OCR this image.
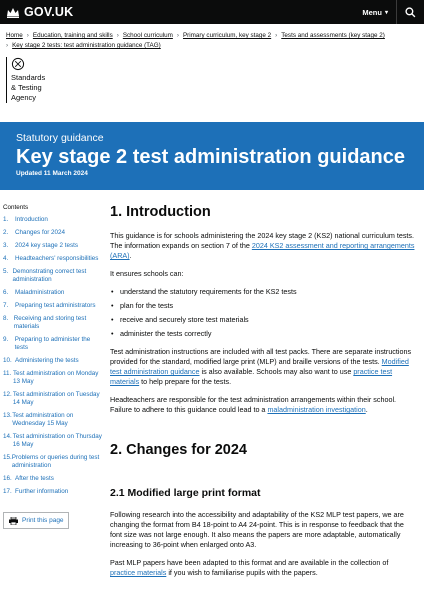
GOV.UK	Menu ▾
Home › Education, training and skills › School curriculum › Primary curriculum, key stage 2 › Tests and assessments (key stage 2)
› Key stage 2 tests: test administration guidance (TAG)
Standards
& Testing
Agency
Statutory guidance
Key stage 2 test administration guidance
Updated 11 March 2024
Contents
1.	Introduction
2.	Changes for 2024
3.	2024 key stage 2 tests
4.	Headteachers' responsibilities
5. Demonstrating correct test administration
6.	Maladministration
7.	Preparing test administrators
8. Receiving and storing test materials
9.	Preparing to administer the tests
10. Administering the tests
11. Test administration on Monday 13 May
12. Test administration on Tuesday 14 May
13. Test administration on Wednesday 15 May
14. Test administration on Thursday 16 May
15. Problems or queries during test administration
16. After the tests
17. Further information
Print this page
1. Introduction

This guidance is for schools administering the 2024 key stage 2 (KS2) national curriculum tests. The information expands on section 7 of the 2024 KS2 assessment and reporting arrangements (ARA).

It ensures schools can:

• understand the statutory requirements for the KS2 tests
• plan for the tests
• receive and securely store test materials
• administer the tests correctly

Test administration instructions are included with all test packs. There are separate instructions provided for the standard, modified large print (MLP) and braille versions of the tests. Modified test administration guidance is also available. Schools may also want to use practice test materials to help prepare for the tests.

Headteachers are responsible for the test administration arrangements within their school. Failure to adhere to this guidance could lead to a maladministration investigation.

2. Changes for 2024
2.1 Modified large print format

Following research into the accessibility and adaptability of the KS2 MLP test papers, we are changing the format from B4 18-point to A4 24-point. This is in response to feedback that the font size was not large enough. It also means the papers are more adaptable, automatically increasing to 36-point when enlarged onto A3.

Past MLP papers have been adapted to this format and are available in the collection of practice materials if you wish to familiarise pupils with the papers.
